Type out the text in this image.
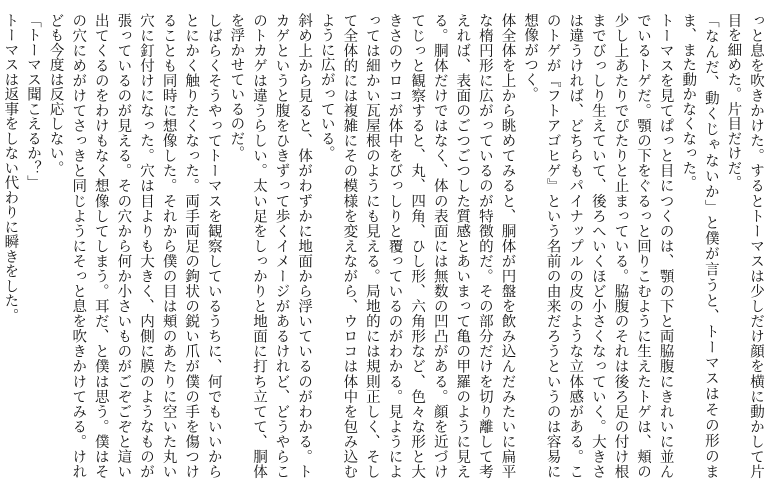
っと息を吹きかけた。するとトーマスは少しだけ顔を横に動かして片目を細めた。片目だけだ。

「なんだ、動くじゃないか」と僕が言うと、トーマスはその形のまま、また動かなくなった。

トーマスを見てぱっと目につくのは、顎の下と両脇腹にきれいに並んでいるトゲだ。顎の下をぐるっと回りこむように生えたトゲは、頬の少し上あたりでぴたりと止まっている。脇腹のそれは後ろ足の付け根までびっしり生えていて、後ろへいくほど小さくなっていく。大きさは違うければ、どちらもパイナップルの皮のような立体感がある。このトゲが『フトアゴヒゲ』という名前の由来だろうというのは容易に想像がつく。

体全体を上から眺めてみると、胴体が円盤を飲み込んだみたいに扁平な楕円形に広がっているのが特徴的だ。その部分だけを切り離して考えれば、表面のごつごつした質感とあいまって亀の甲羅のように見える。胴体だけではなく、体の表面には無数の凹凸がある。顔を近づけてじっと観察すると、丸、四角、ひし形、六角形など、色々な形と大きさのウロコが体中をびっしりと覆っているのがわかる。見ようによっては細かい瓦屋根のようにも見える。局地的には規則正しく、そして全体的には複雑にその模様を変えながら、ウロコは体中を包み込むように広がっている。

斜め上から見ると、体がわずかに地面から浮いているのがわかる。トカゲというと腹をひきずって歩くイメージがあるけれど、どうやらこのトカゲは違うらしい。太い足をしっかりと地面に打ち立てて、胴体を浮かせているのだ。

しばらくそうやってトーマスを観察しているうちに、何でもいいからとにかく触りたくなった。両手両足の鉤状の鋭い爪が僕の手を傷つけることも同時に想像した。それから僕の目は頬のあたりに空いた丸い穴に釘付けになった。穴は目よりも大きく、内側に膜のようなものが張っているのが見える。その穴から何か小さいものがごぞごぞと這い出てくるのをわけもなく想像してしまう。耳だ、と僕は思う。僕はその穴にめがけてさっきと同じようにそっと息を吹きかけてみる。けれども今度は反応しない。

「トーマス聞こえるか？」

トーマスは返事をしない代わりに瞬きをした。
